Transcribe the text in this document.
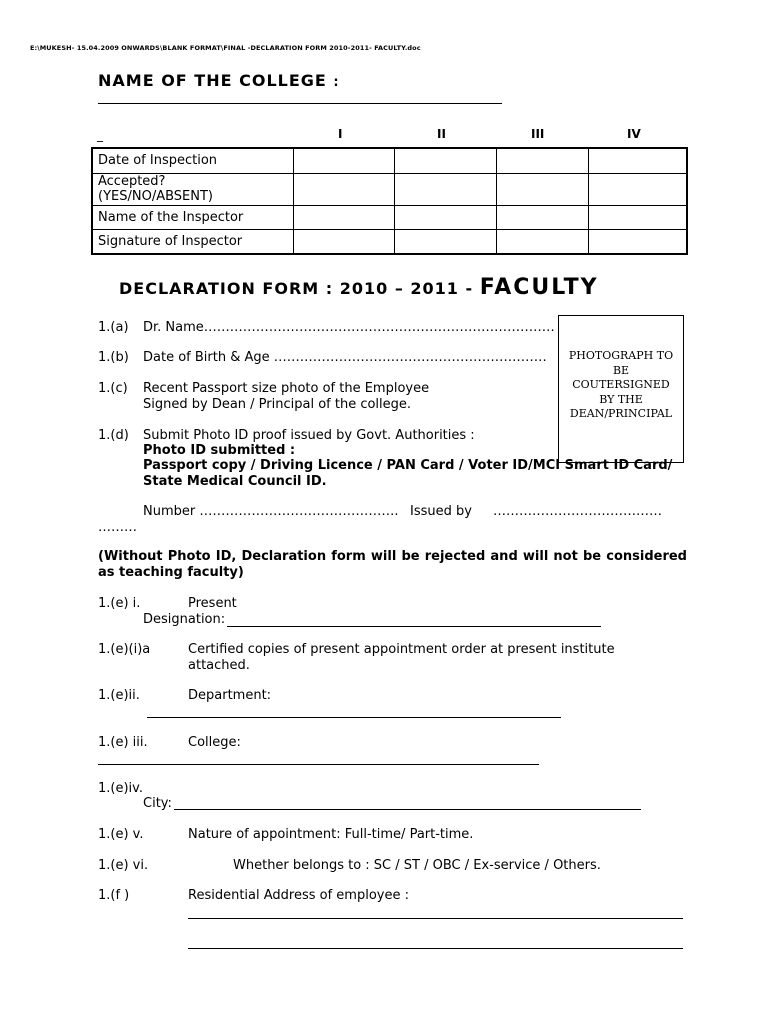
E:\MUKESH- 15.04.2009 ONWARDS\BLANK FORMAT\FINAL -DECLARATION FORM 2010-2011- FACULTY.doc
NAME OF THE COLLEGE :
_	I	II	III	IV
Date of Inspection				
Accepted?
(YES/NO/ABSENT)				
Name of the Inspector				
Signature of Inspector				
DECLARATION FORM : 2010 – 2011 - FACULTY
PHOTOGRAPH TO BE COUTERSIGNED BY THE DEAN/PRINCIPAL
1.(a) Dr. Name………………………………………………………………………
1.(b) Date of Birth & Age ………………………………………………………
1.(c) Recent Passport size photo of the Employee
Signed by Dean / Principal of the college.
1.(d) Submit Photo ID proof issued by Govt. Authorities :
Photo ID submitted :
Passport copy / Driving Licence / PAN Card / Voter ID/MCI Smart ID Card/
State Medical Council ID.
Number ………………………………………. Issued by …………………………………
………
(Without Photo ID, Declaration form will be rejected and will not be considered as teaching faculty)
1.(e) i.	Present
Designation:
1.(e)(i)a	Certified copies of present appointment order at present institute
attached.
1.(e)ii.	Department:
1.(e) iii.	College:
1.(e)iv.
City:
1.(e) v.	Nature of appointment: Full-time/ Part-time.
1.(e) vi.	Whether belongs to : SC / ST / OBC / Ex-service / Others.
1.(f )	Residential Address of employee :
